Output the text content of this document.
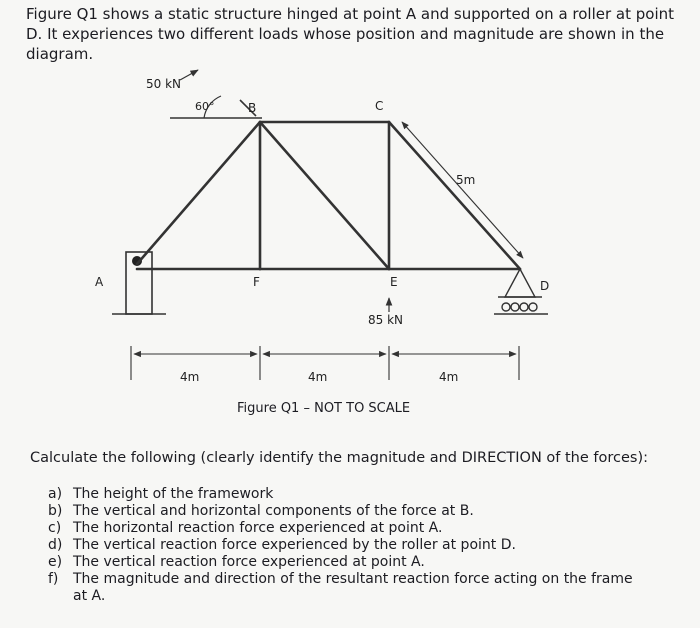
Figure Q1 shows a static structure hinged at point A and supported on a roller at point D. It experiences two different loads whose position and magnitude are shown in the diagram.

50 kN
60°	B	C
A	F	E	D
5m
85 kN
4m	4m	4m
Figure Q1 – NOT TO SCALE

Calculate the following (clearly identify the magnitude and DIRECTION of the forces):

a) The height of the framework
b) The vertical and horizontal components of the force at B.
c) The horizontal reaction force experienced at point A.
d) The vertical reaction force experienced by the roller at point D.
e) The vertical reaction force experienced at point A.
f)	The magnitude and direction of the resultant reaction force acting on the frame at A.
